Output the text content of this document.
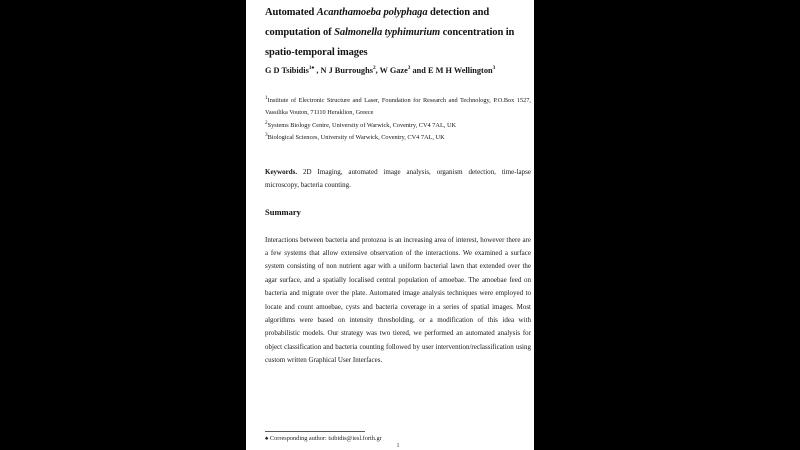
Automated Acanthamoeba polyphaga detection and
computation of Salmonella typhimurium concentration in
spatio-temporal images
G D Tsibidis$^{1♠}$ , N J Burroughs$^2$, W Gaze$^3$ and E M H Wellington$^3$
$^1$Institute of Electronic Structure and Laser, Foundation for Research and Technology, P.O.Box 1527, Vassilika Vouton, 71110 Heraklion, Greece
$^2$Systems Biology Centre, University of Warwick, Coventry, CV4 7AL, UK
$^3$Biological Sciences, University of Warwick, Coventry, CV4 7AL, UK
Keywords. 2D Imaging, automated image analysis, organism detection, time-lapse microscopy, bacteria counting.
Summary
Interactions between bacteria and protozoa is an increasing area of interest, however there are a few systems that allow extensive observation of the interactions. We examined a surface system consisting of non nutrient agar with a uniform bacterial lawn that extended over the agar surface, and a spatially localised central population of amoebae. The amoebae feed on bacteria and migrate over the plate. Automated image analysis techniques were employed to locate and count amoebae, cysts and bacteria coverage in a series of spatial images. Most algorithms were based on intensity thresholding, or a modification of this idea with probabilistic models. Our strategy was two tiered, we performed an automated analysis for object classification and bacteria counting followed by user intervention/reclassification using custom written Graphical User Interfaces.
♠ Corresponding author: tsibidis@iesl.forth.gr
1
